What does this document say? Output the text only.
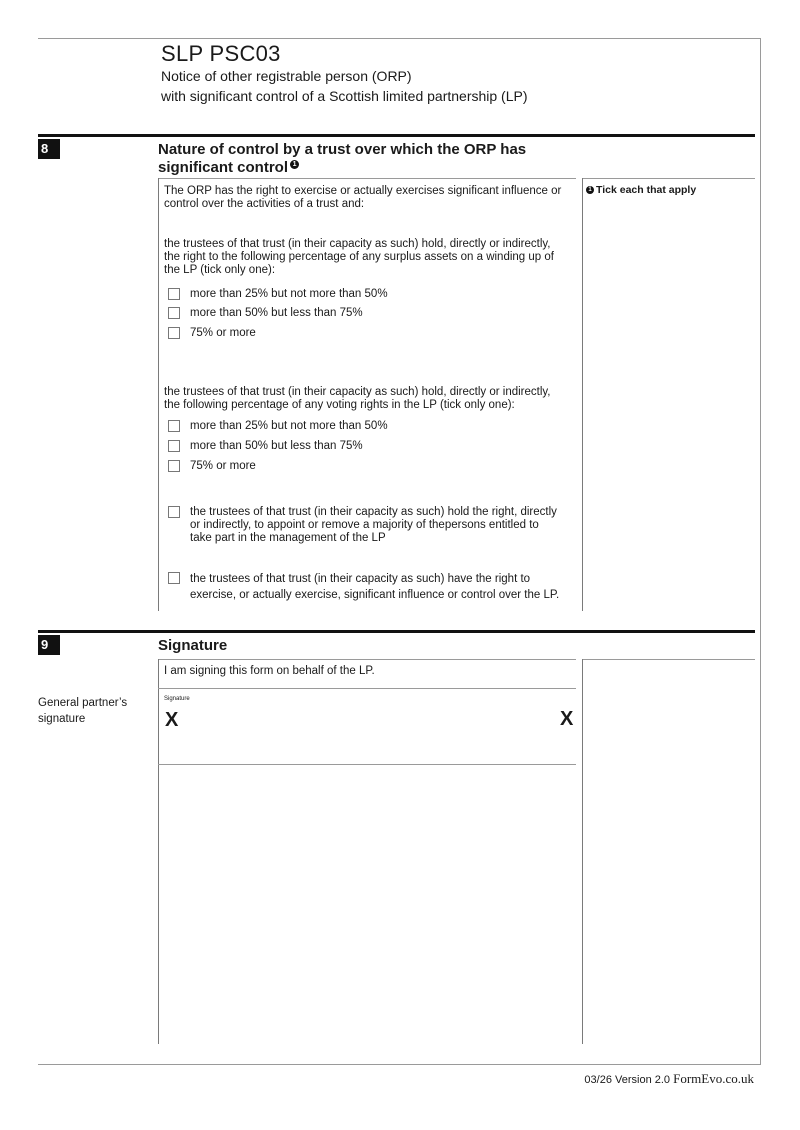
SLP PSC03
Notice of other registrable person (ORP)
with significant control of a Scottish limited partnership (LP)
8	Nature of control by a trust over which the ORP has
significant control 1
1 Tick each that apply
The ORP has the right to exercise or actually exercises significant influence or control over the activities of a trust and:
the trustees of that trust (in their capacity as such) hold, directly or indirectly, the right to the following percentage of any surplus assets on a winding up of the LP (tick only one):
more than 25% but not more than 50%
more than 50% but less than 75%
75% or more
the trustees of that trust (in their capacity as such) hold, directly or indirectly, the following percentage of any voting rights in the LP (tick only one):
more than 25% but not more than 50%
more than 50% but less than 75%
75% or more
the trustees of that trust (in their capacity as such) hold the right, directly
or indirectly, to appoint or remove a majority of thepersons entitled to
take part in the management of the LP
the trustees of that trust (in their capacity as such) have the right to
exercise, or actually exercise, significant influence or control over the LP.
9	Signature
I am signing this form on behalf of the LP.
General partner’s
signature
Signature
X	X
03/26 Version 2.0 FormEvo.co.uk
